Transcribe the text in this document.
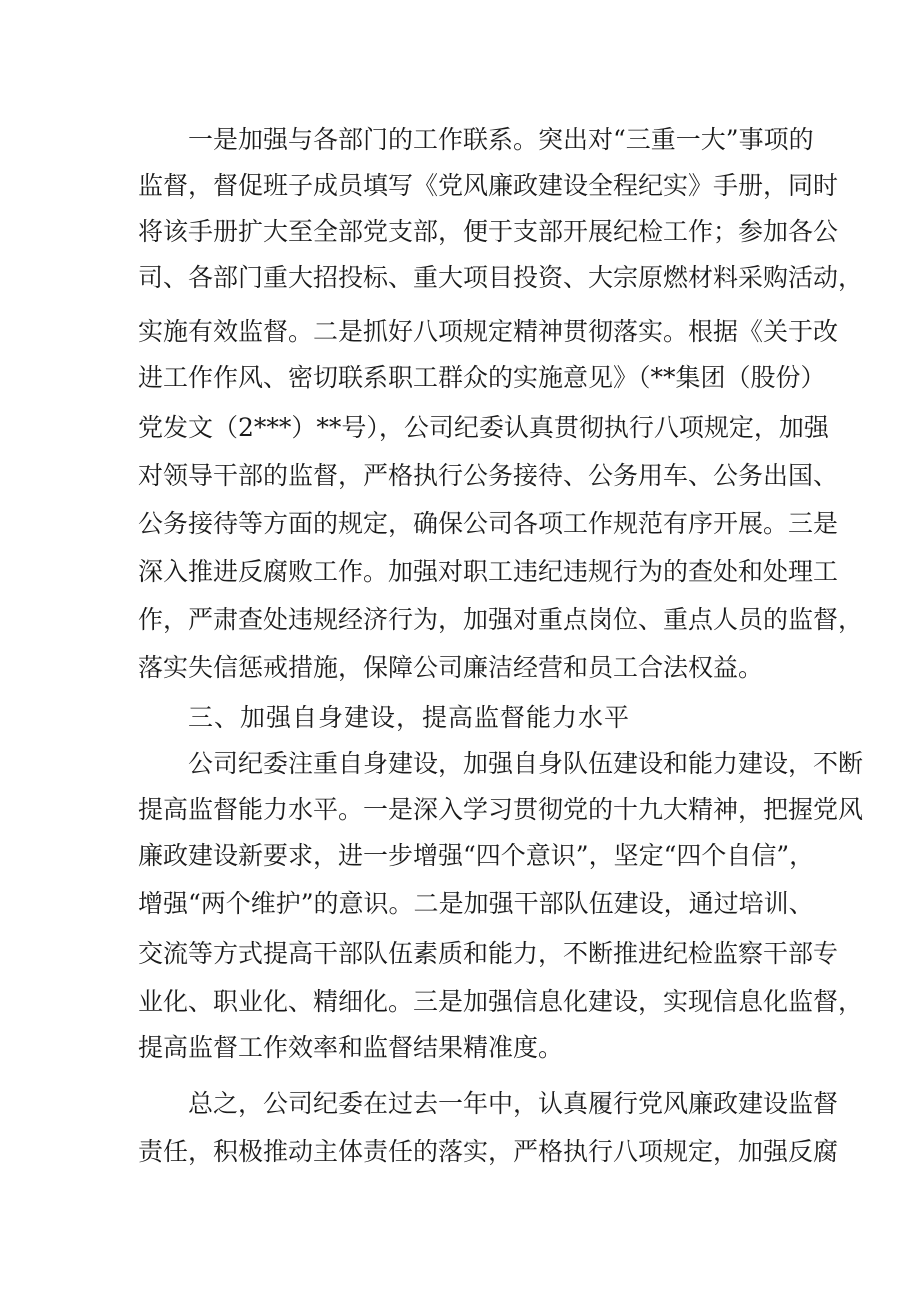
一是加强与各部门的工作联系。突出对“三重一大”事项的
监督，督促班子成员填写《党风廉政建设全程纪实》手册，同时
将该手册扩大至全部党支部，便于支部开展纪检工作；参加各公
司、各部门重大招投标、重大项目投资、大宗原燃材料采购活动，
实施有效监督。二是抓好八项规定精神贯彻落实。根据《关于改
进工作作风、密切联系职工群众的实施意见》（**集团（股份）
党发文（2***）**号），公司纪委认真贯彻执行八项规定，加强
对领导干部的监督，严格执行公务接待、公务用车、公务出国、
公务接待等方面的规定，确保公司各项工作规范有序开展。三是
深入推进反腐败工作。加强对职工违纪违规行为的查处和处理工
作，严肃查处违规经济行为，加强对重点岗位、重点人员的监督，
落实失信惩戒措施，保障公司廉洁经营和员工合法权益。
三、加强自身建设，提高监督能力水平
公司纪委注重自身建设，加强自身队伍建设和能力建设，不断
提高监督能力水平。一是深入学习贯彻党的十九大精神，把握党风
廉政建设新要求，进一步增强“四个意识”，坚定“四个自信”，
增强“两个维护”的意识。二是加强干部队伍建设，通过培训、
交流等方式提高干部队伍素质和能力，不断推进纪检监察干部专
业化、职业化、精细化。三是加强信息化建设，实现信息化监督，
提高监督工作效率和监督结果精准度。
总之，公司纪委在过去一年中，认真履行党风廉政建设监督
责任，积极推动主体责任的落实，严格执行八项规定，加强反腐
